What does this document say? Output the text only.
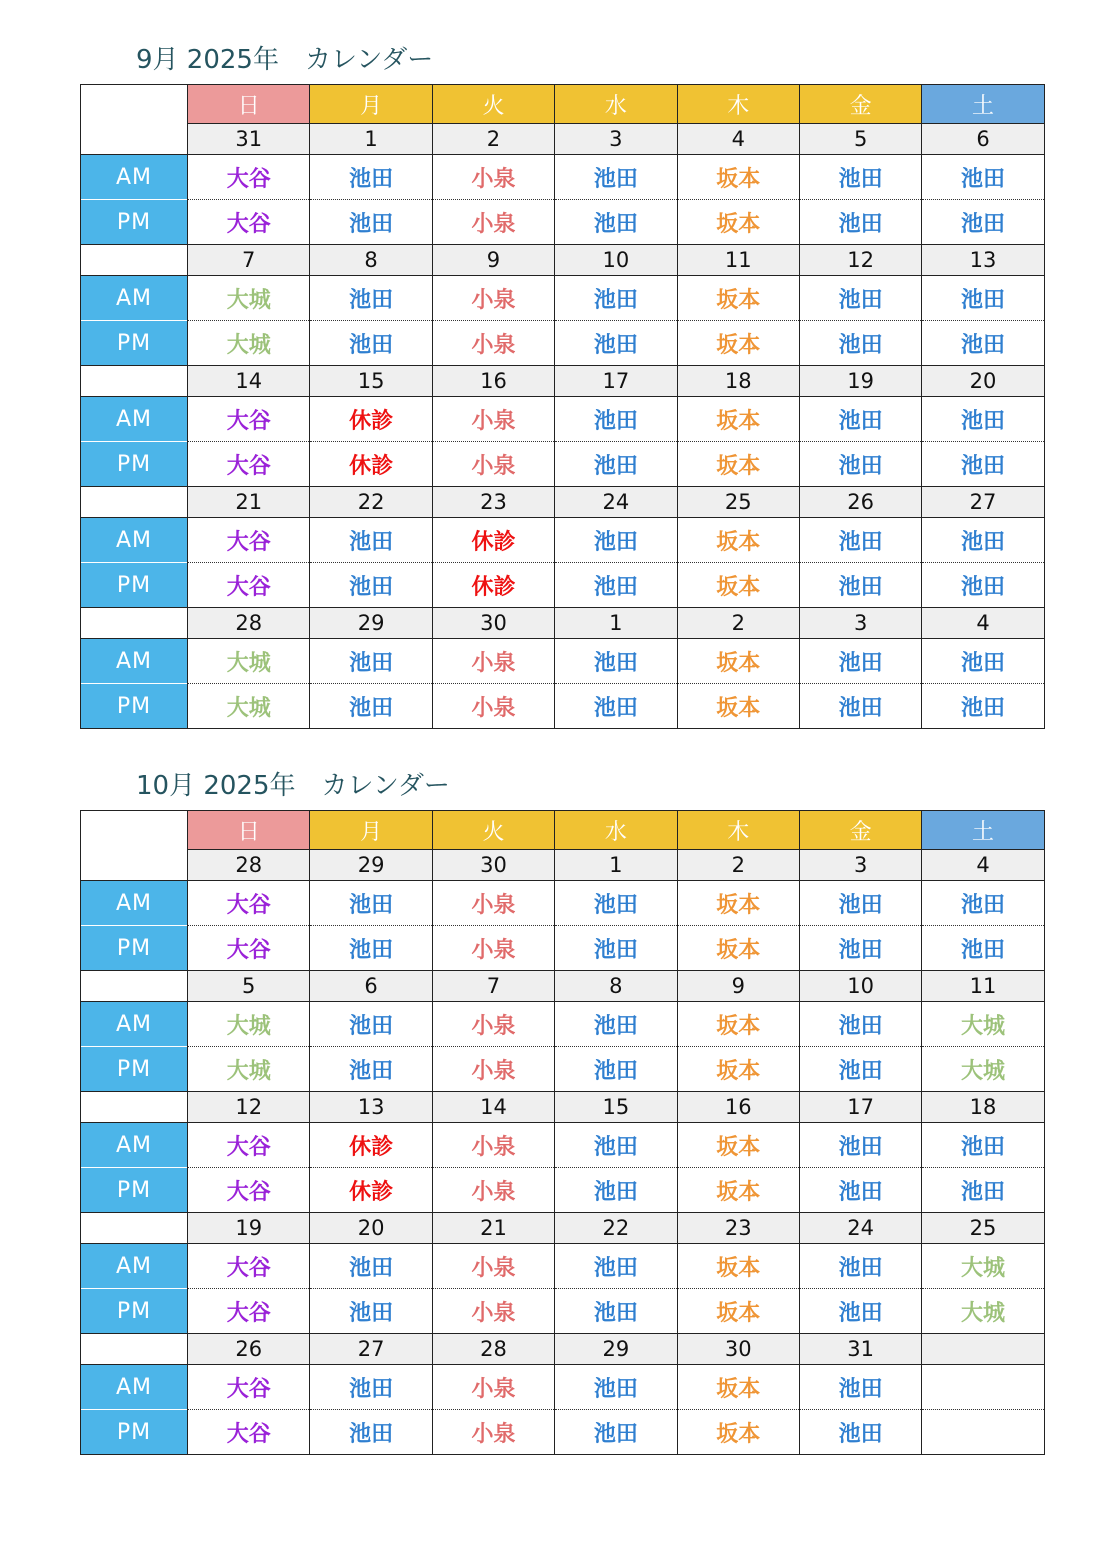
9月 2025年　カレンダー
	日	月	火	水	木	金	土
	31	1	2	3	4	5	6
AM	大谷	池田	小泉	池田	坂本	池田	池田
PM	大谷	池田	小泉	池田	坂本	池田	池田
	7	8	9	10	11	12	13
AM	大城	池田	小泉	池田	坂本	池田	池田
PM	大城	池田	小泉	池田	坂本	池田	池田
	14	15	16	17	18	19	20
AM	大谷	休診	小泉	池田	坂本	池田	池田
PM	大谷	休診	小泉	池田	坂本	池田	池田
	21	22	23	24	25	26	27
AM	大谷	池田	休診	池田	坂本	池田	池田
PM	大谷	池田	休診	池田	坂本	池田	池田
	28	29	30	1	2	3	4
AM	大城	池田	小泉	池田	坂本	池田	池田
PM	大城	池田	小泉	池田	坂本	池田	池田
10月 2025年　カレンダー
	日	月	火	水	木	金	土
	28	29	30	1	2	3	4
AM	大谷	池田	小泉	池田	坂本	池田	池田
PM	大谷	池田	小泉	池田	坂本	池田	池田
	5	6	7	8	9	10	11
AM	大城	池田	小泉	池田	坂本	池田	大城
PM	大城	池田	小泉	池田	坂本	池田	大城
	12	13	14	15	16	17	18
AM	大谷	休診	小泉	池田	坂本	池田	池田
PM	大谷	休診	小泉	池田	坂本	池田	池田
	19	20	21	22	23	24	25
AM	大谷	池田	小泉	池田	坂本	池田	大城
PM	大谷	池田	小泉	池田	坂本	池田	大城
	26	27	28	29	30	31	
AM	大谷	池田	小泉	池田	坂本	池田	
PM	大谷	池田	小泉	池田	坂本	池田	
